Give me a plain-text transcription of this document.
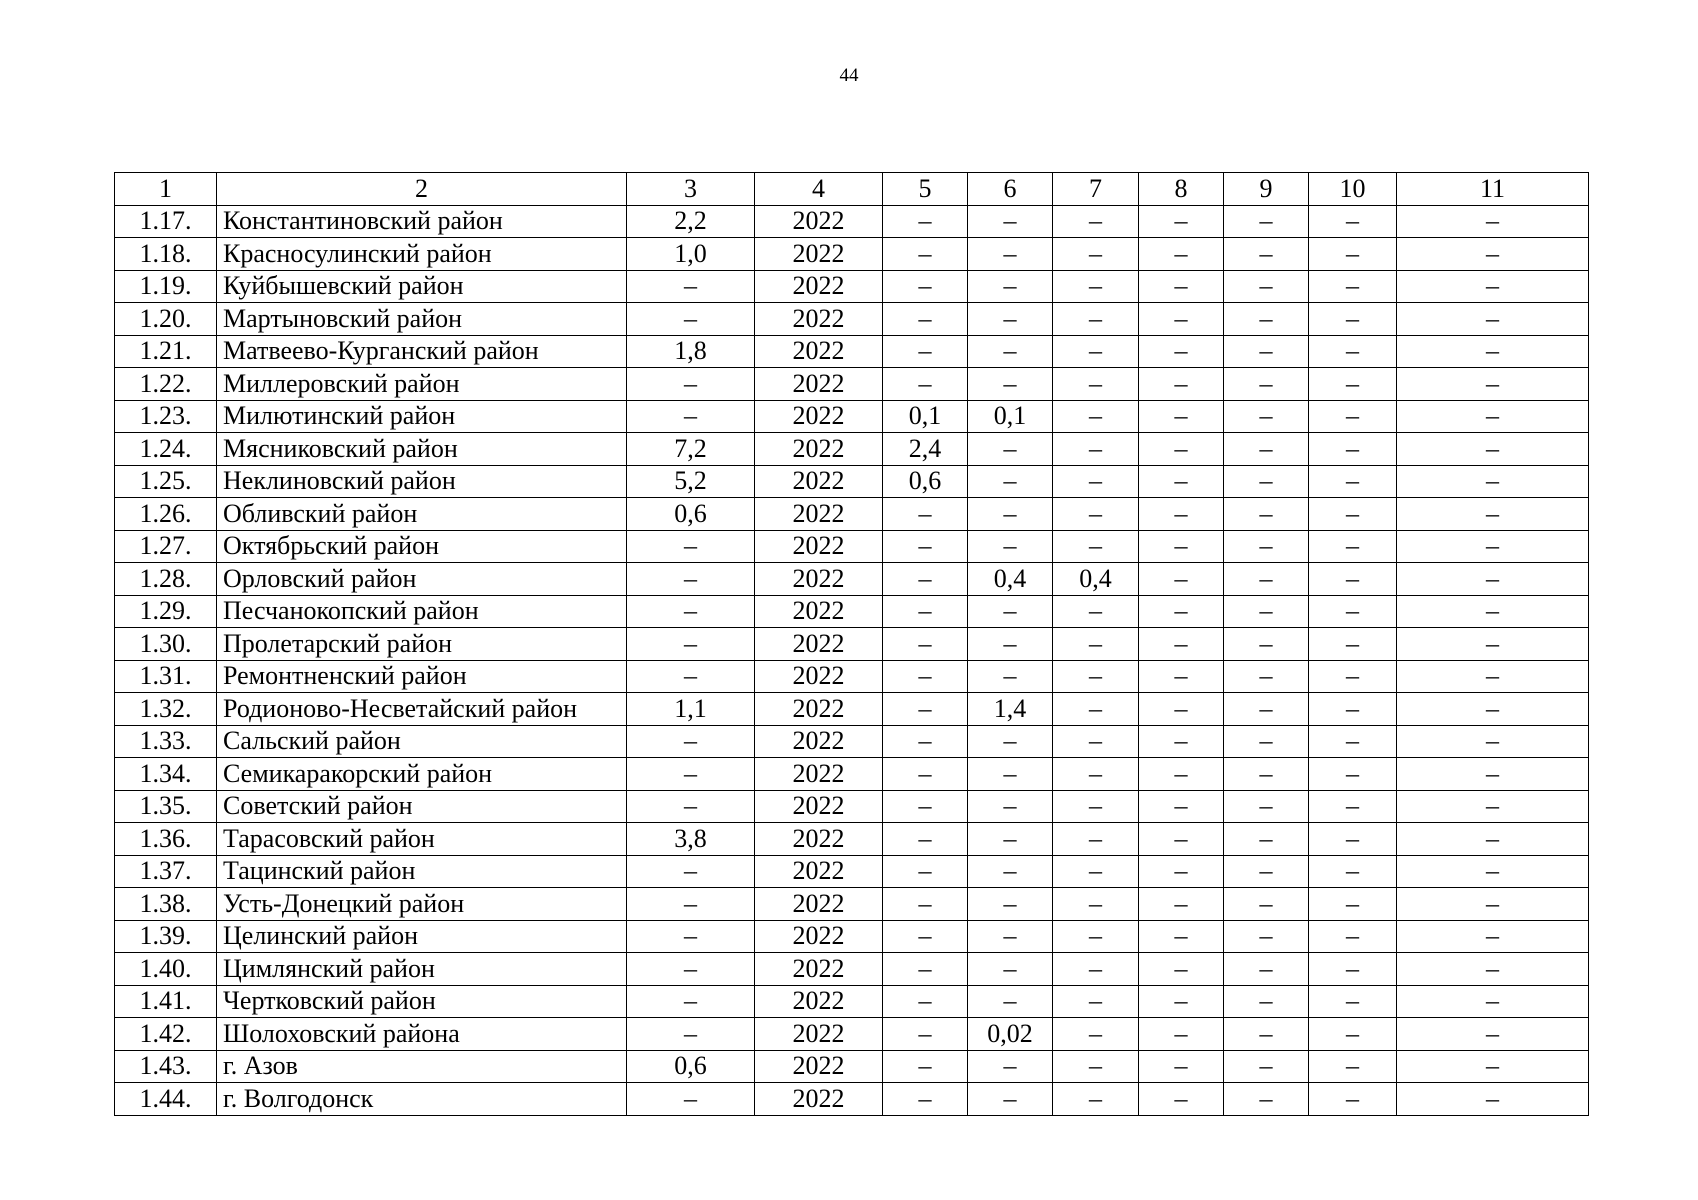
44
1	2	3	4	5	6	7	8	9	10	11
1.17.	Константиновский район	2,2	2022	–	–	–	–	–	–	–
1.18.	Красносулинский район	1,0	2022	–	–	–	–	–	–	–
1.19.	Куйбышевский район	–	2022	–	–	–	–	–	–	–
1.20.	Мартыновский район	–	2022	–	–	–	–	–	–	–
1.21.	Матвеево-Курганский район	1,8	2022	–	–	–	–	–	–	–
1.22.	Миллеровский район	–	2022	–	–	–	–	–	–	–
1.23.	Милютинский район	–	2022	0,1	0,1	–	–	–	–	–
1.24.	Мясниковский район	7,2	2022	2,4	–	–	–	–	–	–
1.25.	Неклиновский район	5,2	2022	0,6	–	–	–	–	–	–
1.26.	Обливский район	0,6	2022	–	–	–	–	–	–	–
1.27.	Октябрьский район	–	2022	–	–	–	–	–	–	–
1.28.	Орловский район	–	2022	–	0,4	0,4	–	–	–	–
1.29.	Песчанокопский район	–	2022	–	–	–	–	–	–	–
1.30.	Пролетарский район	–	2022	–	–	–	–	–	–	–
1.31.	Ремонтненский район	–	2022	–	–	–	–	–	–	–
1.32.	Родионово-Несветайский район	1,1	2022	–	1,4	–	–	–	–	–
1.33.	Сальский район	–	2022	–	–	–	–	–	–	–
1.34.	Семикаракорский район	–	2022	–	–	–	–	–	–	–
1.35.	Советский район	–	2022	–	–	–	–	–	–	–
1.36.	Тарасовский район	3,8	2022	–	–	–	–	–	–	–
1.37.	Тацинский район	–	2022	–	–	–	–	–	–	–
1.38.	Усть-Донецкий район	–	2022	–	–	–	–	–	–	–
1.39.	Целинский район	–	2022	–	–	–	–	–	–	–
1.40.	Цимлянский район	–	2022	–	–	–	–	–	–	–
1.41.	Чертковский район	–	2022	–	–	–	–	–	–	–
1.42.	Шолоховский района	–	2022	–	0,02	–	–	–	–	–
1.43.	г. Азов	0,6	2022	–	–	–	–	–	–	–
1.44.	г. Волгодонск	–	2022	–	–	–	–	–	–	–
